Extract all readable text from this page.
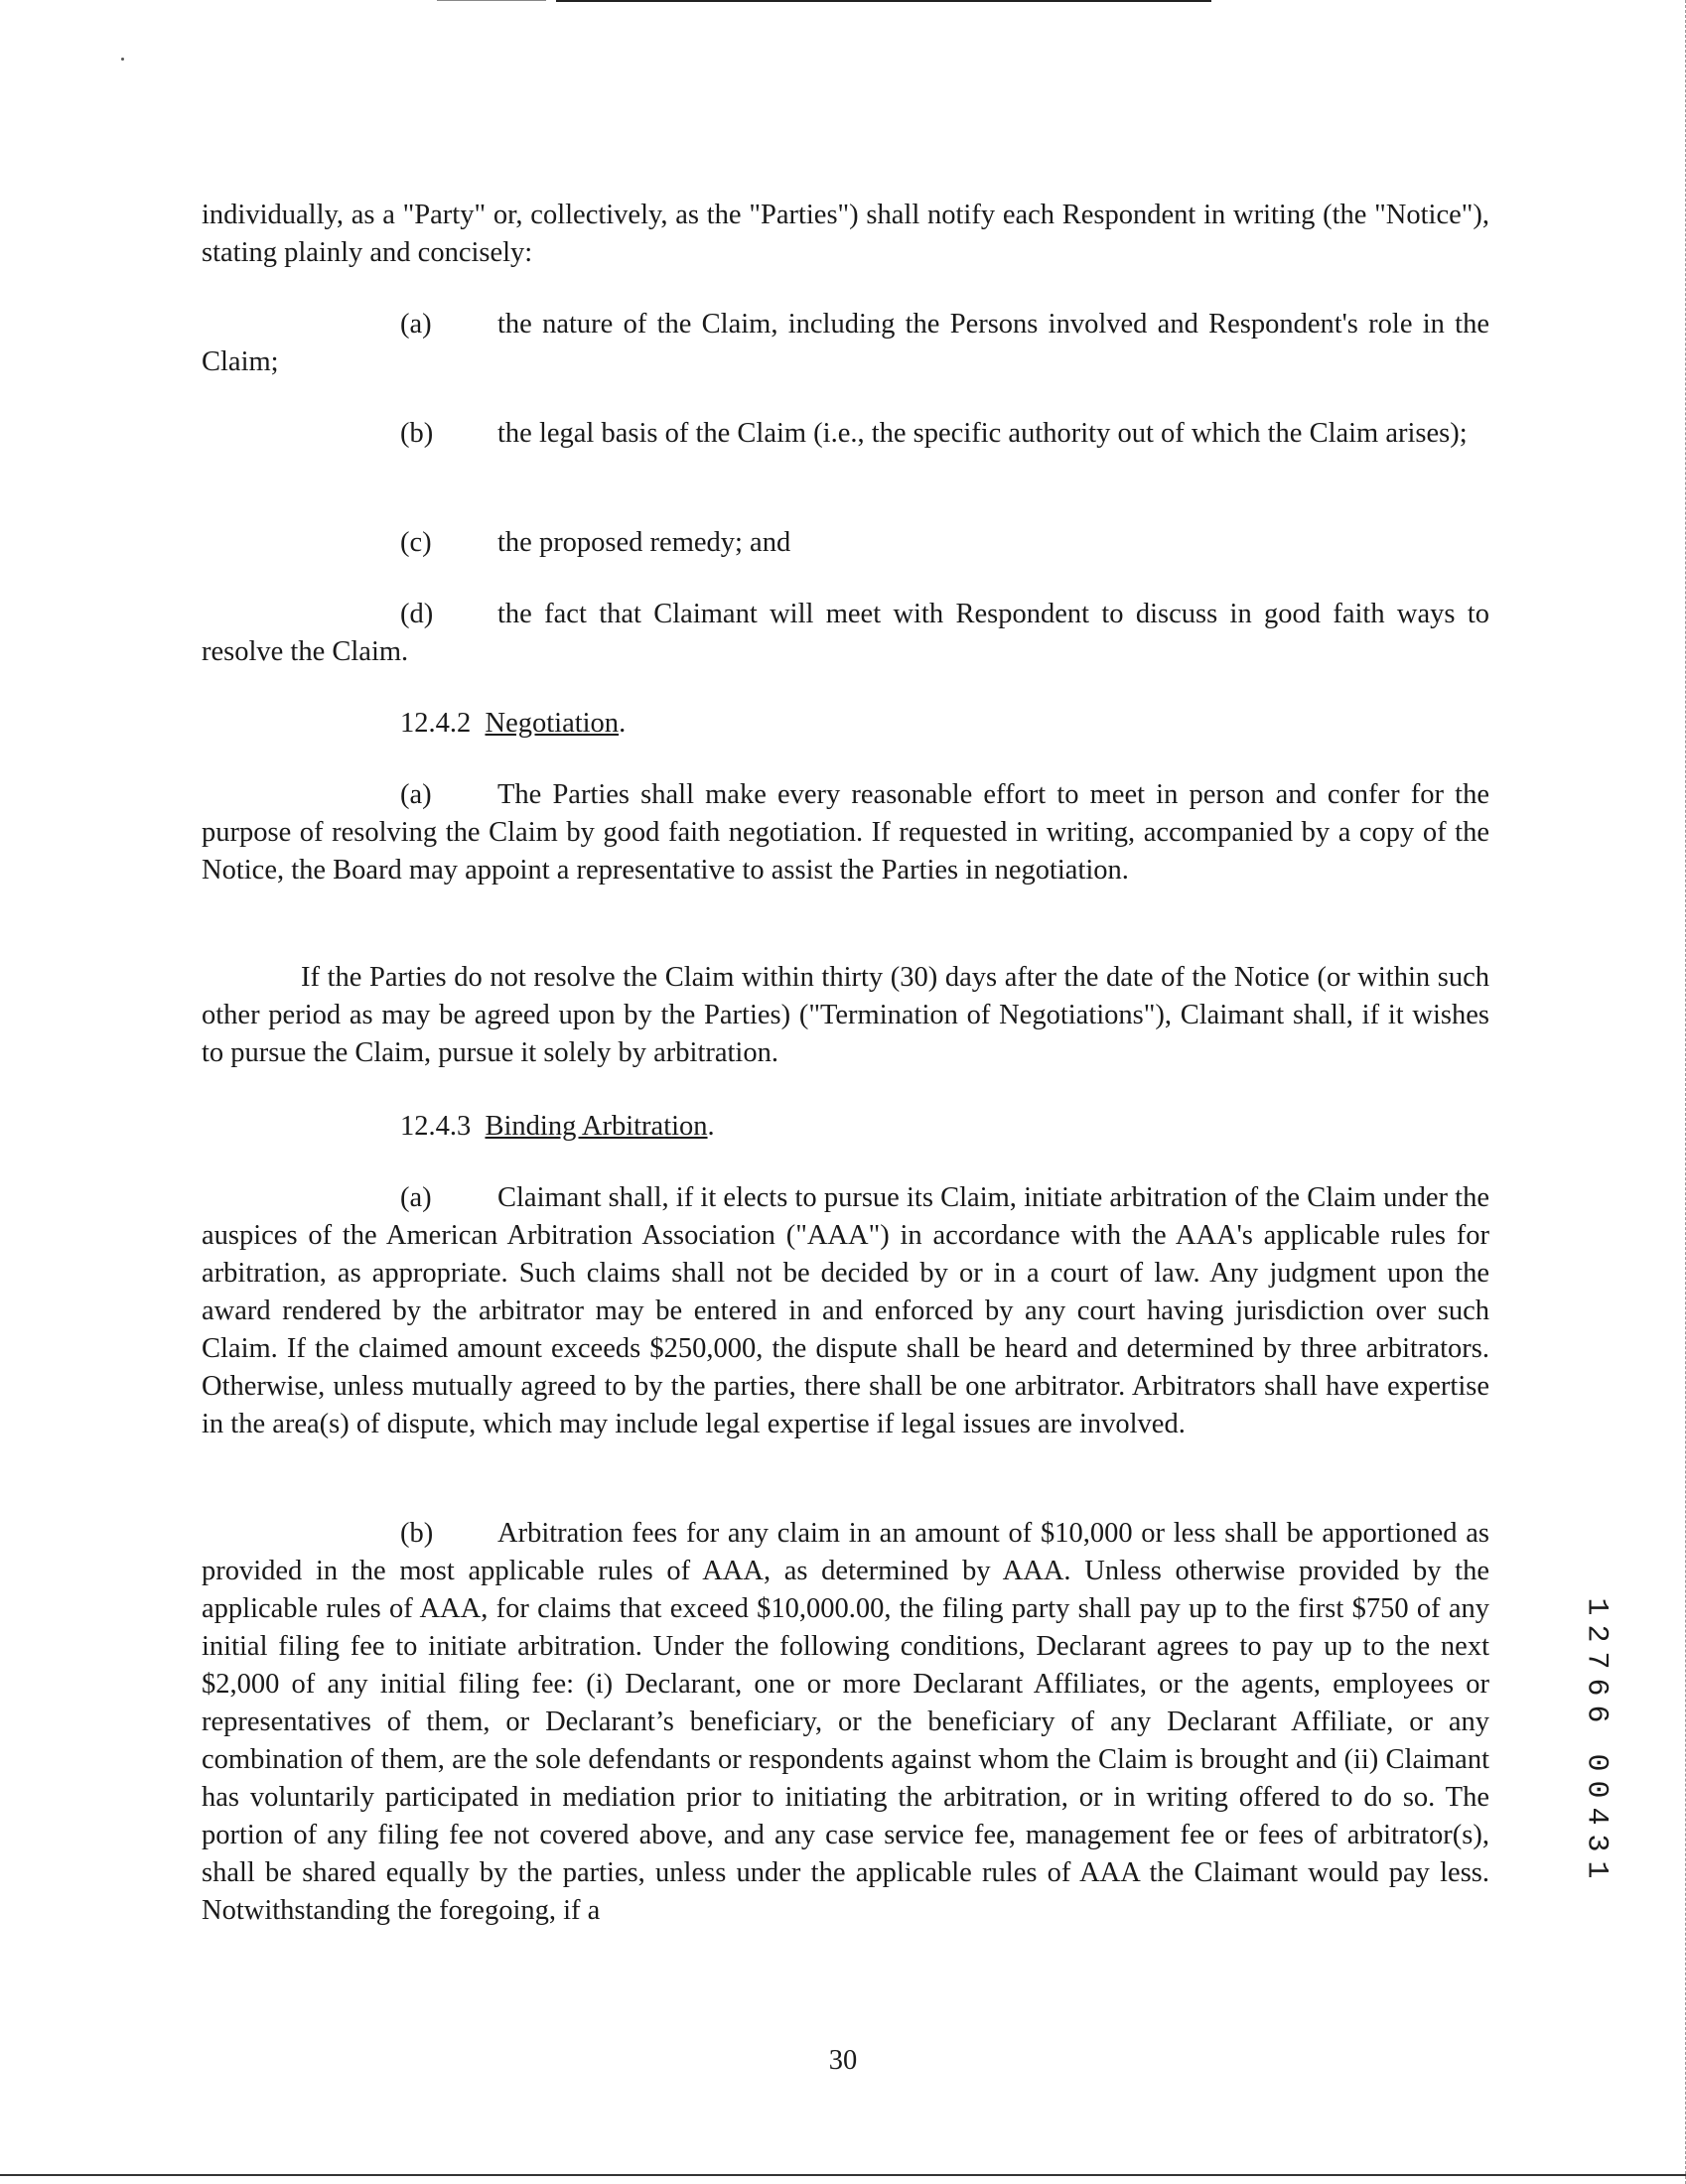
individually, as a "Party" or, collectively, as the "Parties") shall notify each Respondent in writing (the "Notice"), stating plainly and concisely:

(a) the nature of the Claim, including the Persons involved and Respondent's role in the Claim;

(b) the legal basis of the Claim (i.e., the specific authority out of which the Claim arises);

(c) the proposed remedy; and

(d) the fact that Claimant will meet with Respondent to discuss in good faith ways to resolve the Claim.

12.4.2 Negotiation.

(a) The Parties shall make every reasonable effort to meet in person and confer for the purpose of resolving the Claim by good faith negotiation. If requested in writing, accompanied by a copy of the Notice, the Board may appoint a representative to assist the Parties in negotiation.

If the Parties do not resolve the Claim within thirty (30) days after the date of the Notice (or within such other period as may be agreed upon by the Parties) ("Termination of Negotiations"), Claimant shall, if it wishes to pursue the Claim, pursue it solely by arbitration.

12.4.3 Binding Arbitration.

(a) Claimant shall, if it elects to pursue its Claim, initiate arbitration of the Claim under the auspices of the American Arbitration Association ("AAA") in accordance with the AAA's applicable rules for arbitration, as appropriate. Such claims shall not be decided by or in a court of law. Any judgment upon the award rendered by the arbitrator may be entered in and enforced by any court having jurisdiction over such Claim. If the claimed amount exceeds $250,000, the dispute shall be heard and determined by three arbitrators. Otherwise, unless mutually agreed to by the parties, there shall be one arbitrator. Arbitrators shall have expertise in the area(s) of dispute, which may include legal expertise if legal issues are involved.

(b) Arbitration fees for any claim in an amount of $10,000 or less shall be apportioned as provided in the most applicable rules of AAA, as determined by AAA. Unless otherwise provided by the applicable rules of AAA, for claims that exceed $10,000.00, the filing party shall pay up to the first $750 of any initial filing fee to initiate arbitration. Under the following conditions, Declarant agrees to pay up to the next $2,000 of any initial filing fee: (i) Declarant, one or more Declarant Affiliates, or the agents, employees or representatives of them, or Declarant’s beneficiary, or the beneficiary of any Declarant Affiliate, or any combination of them, are the sole defendants or respondents against whom the Claim is brought and (ii) Claimant has voluntarily participated in mediation prior to initiating the arbitration, or in writing offered to do so. The portion of any filing fee not covered above, and any case service fee, management fee or fees of arbitrator(s), shall be shared equally by the parties, unless under the applicable rules of AAA the Claimant would pay less. Notwithstanding the foregoing, if a

1
2
7
6
6
0
0
4
3
1
30
